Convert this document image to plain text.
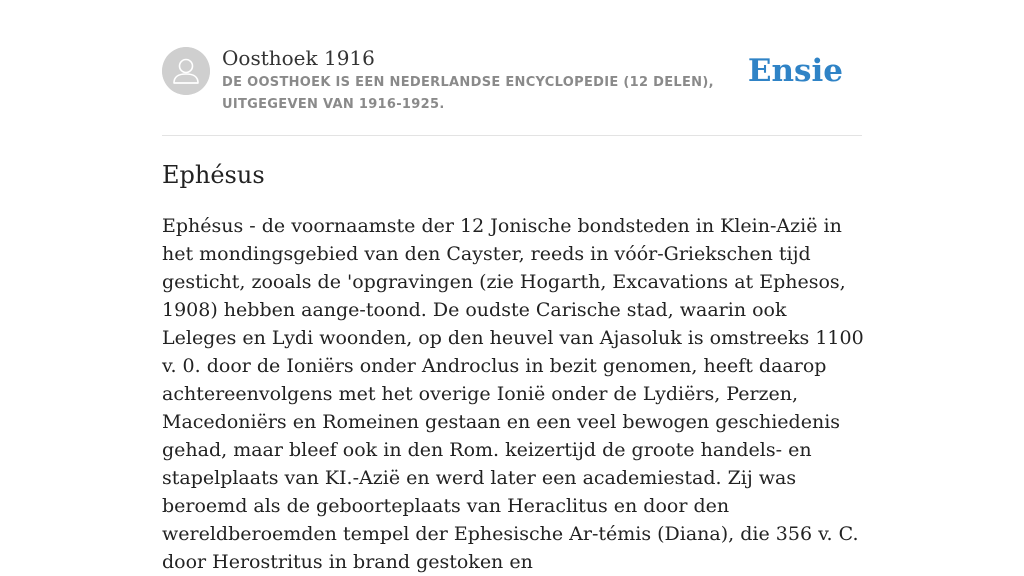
Oosthoek 1916
DE OOSTHOEK IS EEN NEDERLANDSE ENCYCLOPEDIE (12 DELEN), UITGEGEVEN VAN 1916-1925.
Ensie
Ephésus

Ephésus - de voornaamste der 12 Jonische bondsteden in Klein-Azië in het mondingsgebied van den Cayster, reeds in vóór-Griekschen tijd gesticht, zooals de 'opgravingen (zie Hogarth, Excavations at Ephesos, 1908) hebben aange-toond. De oudste Carische stad, waarin ook Leleges en Lydi woonden, op den heuvel van Ajasoluk is omstreeks 1100 v. 0. door de Ioniërs onder Androclus in bezit genomen, heeft daarop achtereenvolgens met het overige Ionië onder de Lydiërs, Perzen, Macedoniërs en Romeinen gestaan en een veel bewogen geschiedenis gehad, maar bleef ook in den Rom. keizertijd de groote handels- en stapelplaats van KI.-Azië en werd later een academiestad. Zij was beroemd als de geboorteplaats van Heraclitus en door den wereldberoemden tempel der Ephesische Ar-témis (Diana), die 356 v. C. door Herostritus in brand gestoken en
